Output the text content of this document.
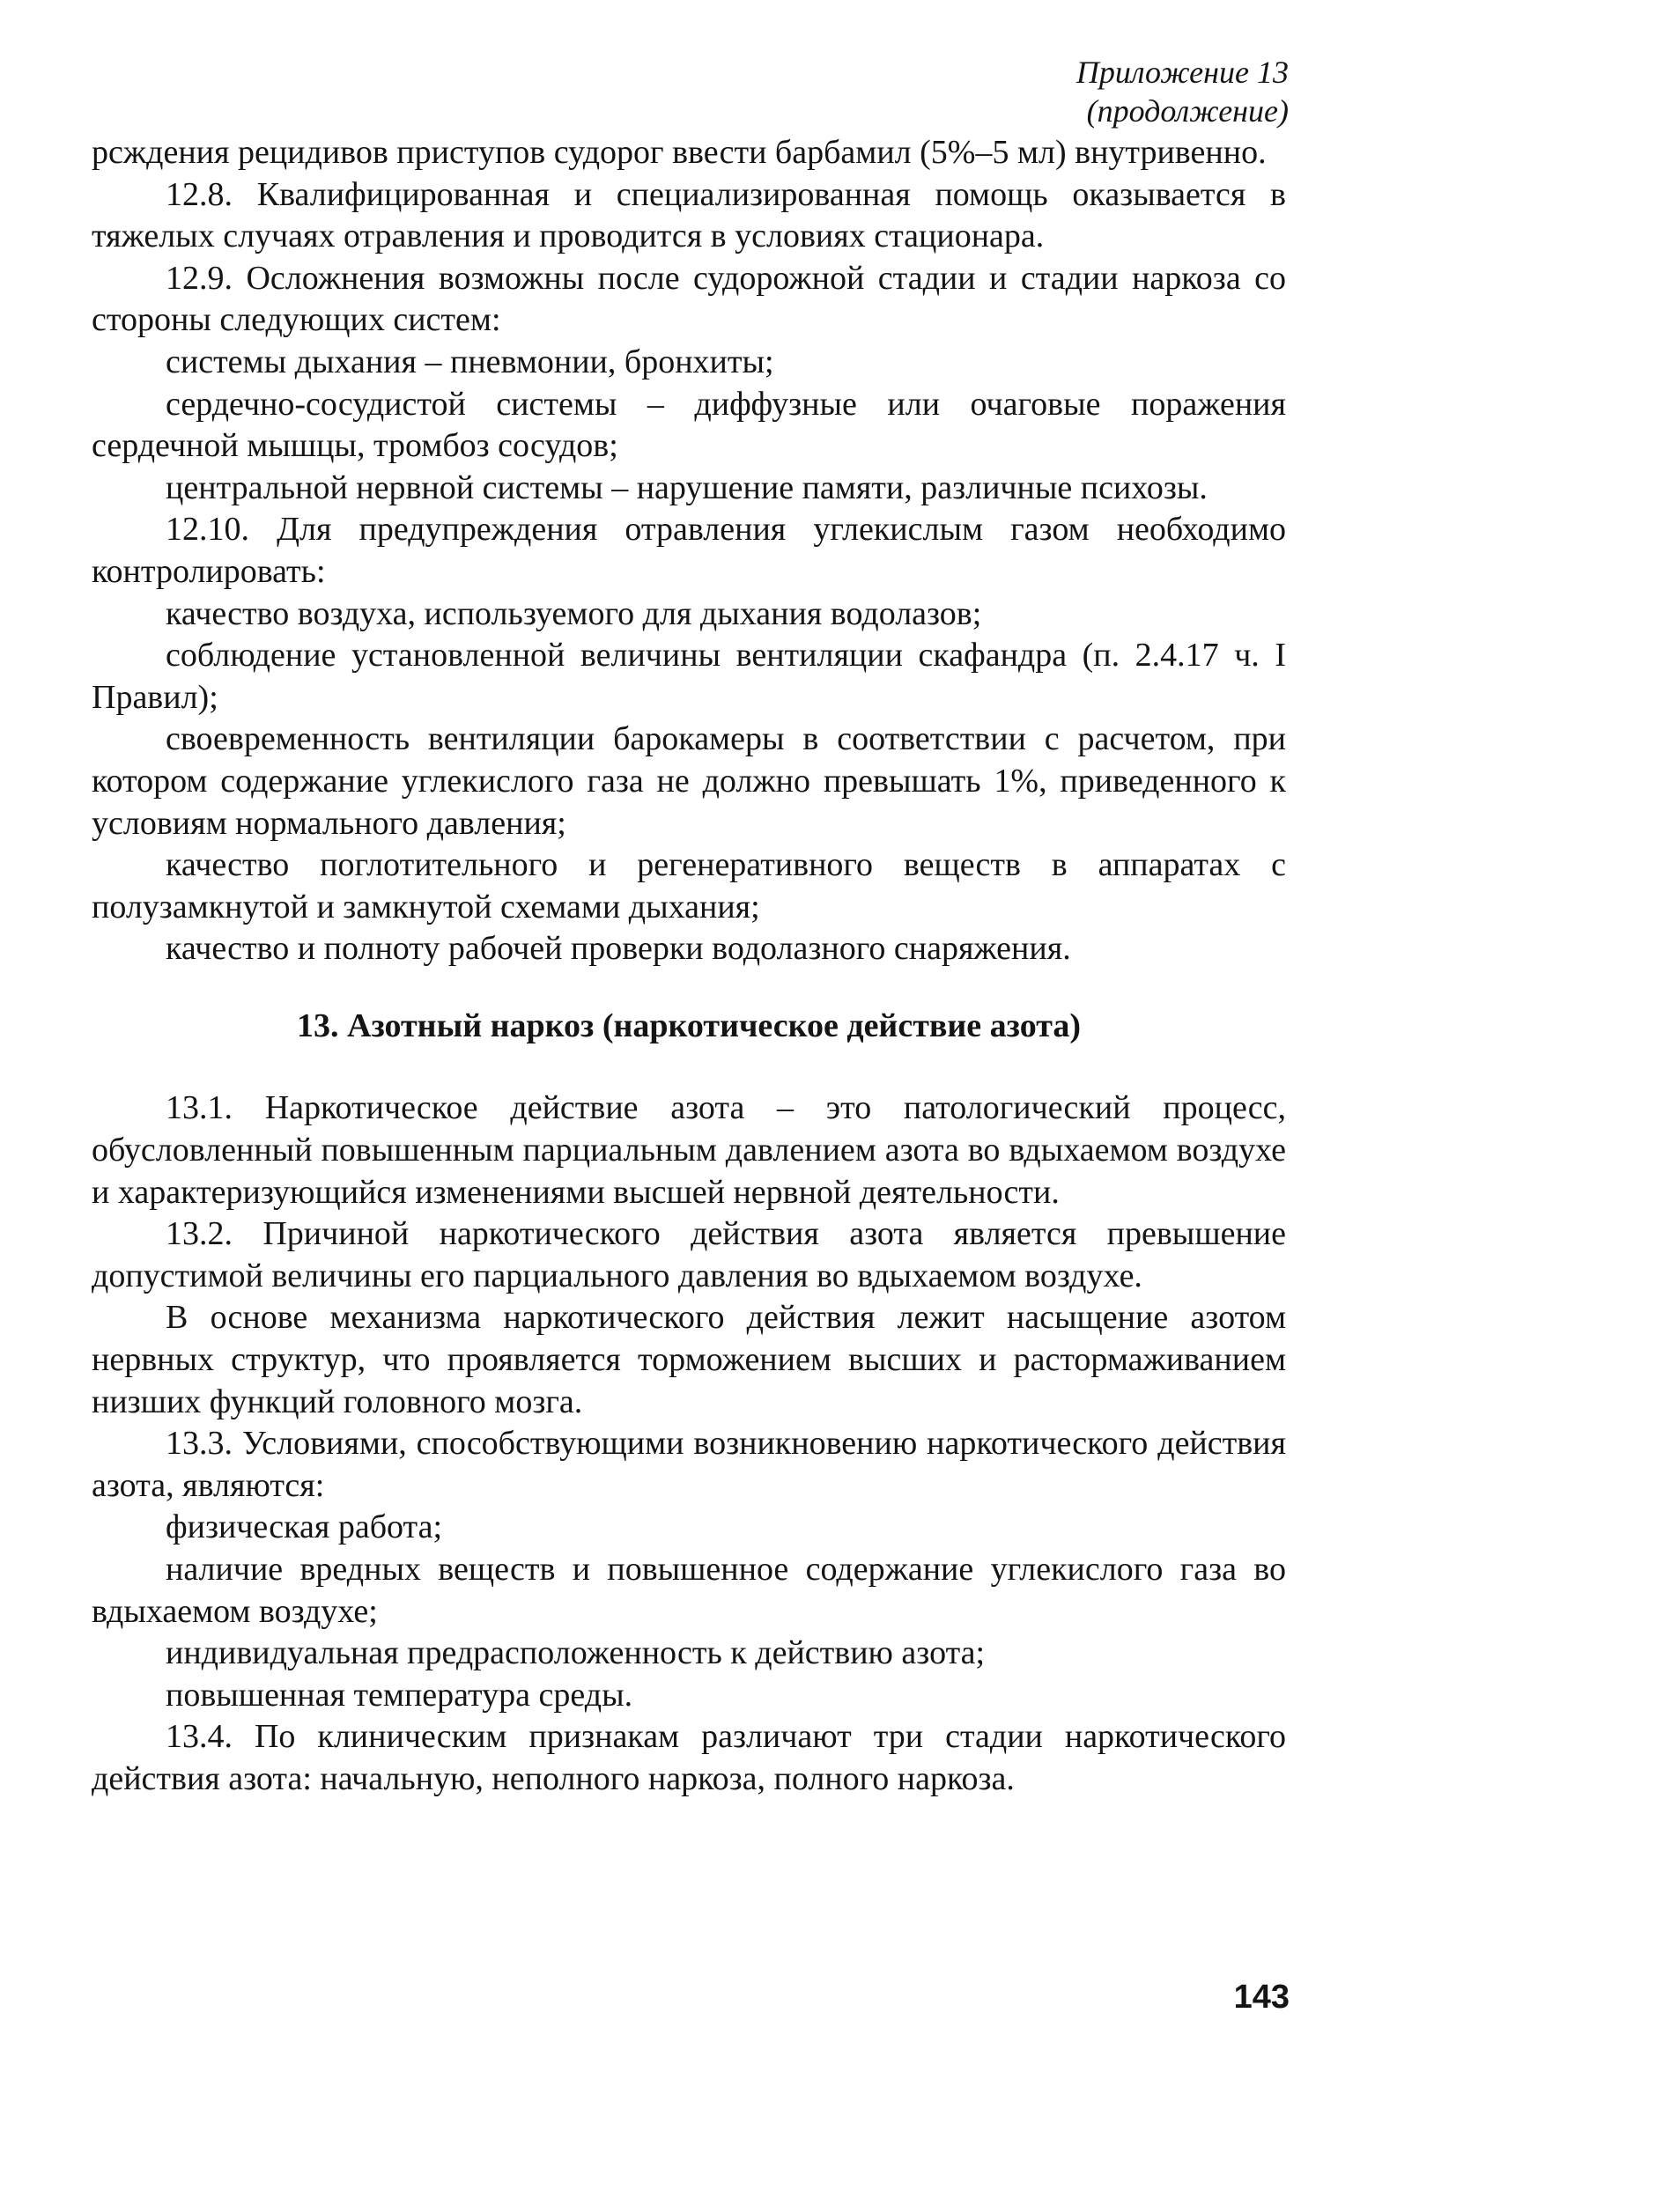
Приложение 13
(продолжение)

рсждения рецидивов приступов судорог ввести барбамил (5%–5 мл) внутривенно.

12.8. Квалифицированная и специализированная помощь оказывается в тяжелых случаях отравления и проводится в условиях стационара.

12.9. Осложнения возможны после судорожной стадии и стадии наркоза со стороны следующих систем:

системы дыхания – пневмонии, бронхиты;

сердечно-сосудистой системы – диффузные или очаговые поражения сердечной мышцы, тромбоз сосудов;

центральной нервной системы – нарушение памяти, различные психозы.

12.10. Для предупреждения отравления углекислым газом необходимо контролировать:

качество воздуха, используемого для дыхания водолазов;

соблюдение установленной величины вентиляции скафандра (п. 2.4.17 ч. I Правил);

своевременность вентиляции барокамеры в соответствии с расчетом, при котором содержание углекислого газа не должно превышать 1%, приведенного к условиям нормального давления;

качество поглотительного и регенеративного веществ в аппаратах с полузамкнутой и замкнутой схемами дыхания;

качество и полноту рабочей проверки водолазного снаряжения.

13. Азотный наркоз (наркотическое действие азота)

13.1. Наркотическое действие азота – это патологический процесс, обусловленный повышенным парциальным давлением азота во вдыхаемом воздухе и характеризующийся изменениями высшей нервной деятельности.

13.2. Причиной наркотического действия азота является превышение допустимой величины его парциального давления во вдыхаемом воздухе.

В основе механизма наркотического действия лежит насыщение азотом нервных структур, что проявляется торможением высших и растормаживанием низших функций головного мозга.

13.3. Условиями, способствующими возникновению наркотического действия азота, являются:

физическая работа;

наличие вредных веществ и повышенное содержание углекислого газа во вдыхаемом воздухе;

индивидуальная предрасположенность к действию азота;

повышенная температура среды.

13.4. По клиническим признакам различают три стадии наркотического действия азота: начальную, неполного наркоза, полного наркоза.

143
